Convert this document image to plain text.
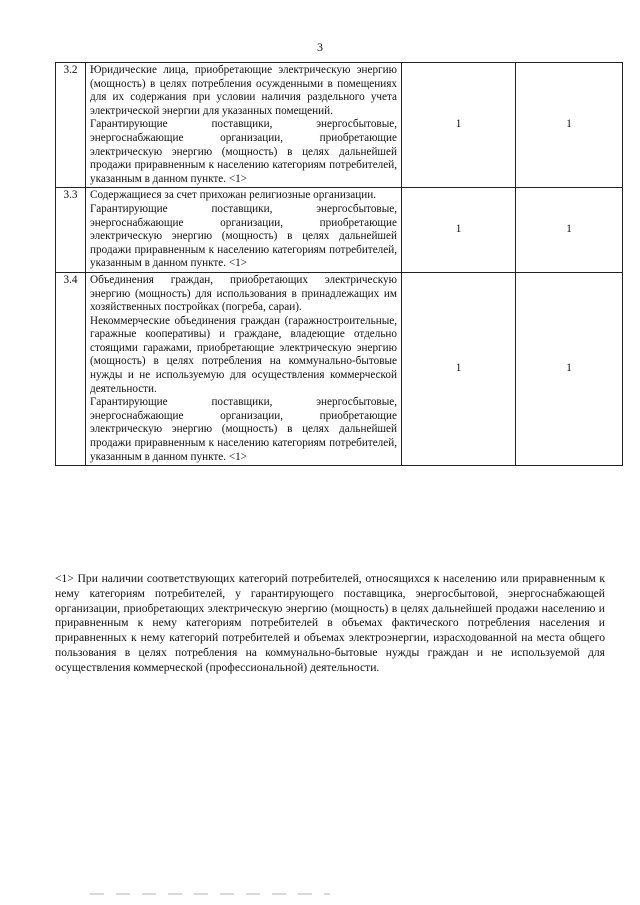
3
3.2	Юридические лица, приобретающие электрическую энергию (мощность) в целях потребления осужденными в помещениях для их содержания при условии наличия раздельного учета электрической энергии для указанных помещений.

Гарантирующие поставщики, энергосбытовые, энергоснабжающие организации, приобретающие электрическую энергию (мощность) в целях дальнейшей продажи приравненным к населению категориям потребителей, указанным в данном пункте. <1>	1	1
3.3	Содержащиеся за счет прихожан религиозные организации.

Гарантирующие поставщики, энергосбытовые, энергоснабжающие организации, приобретающие электрическую энергию (мощность) в целях дальнейшей продажи приравненным к населению категориям потребителей, указанным в данном пункте. <1>	1	1
3.4	Объединения граждан, приобретающих электрическую энергию (мощность) для использования в принадлежащих им хозяйственных постройках (погреба, сараи).

Некоммерческие объединения граждан (гаражностроительные, гаражные кооперативы) и граждане, владеющие отдельно стоящими гаражами, приобретающие электрическую энергию (мощность) в целях потребления на коммунально-бытовые нужды и не используемую для осуществления коммерческой деятельности.

Гарантирующие поставщики, энергосбытовые, энергоснабжающие организации, приобретающие электрическую энергию (мощность) в целях дальнейшей продажи приравненным к населению категориям потребителей, указанным в данном пункте. <1>	1	1
<1> При наличии соответствующих категорий потребителей, относящихся к населению или приравненным к нему категориям потребителей, у гарантирующего поставщика, энергосбытовой, энергоснабжающей организации, приобретающих электрическую энергию (мощность) в целях дальнейшей продажи населению и приравненным к нему категориям потребителей в объемах фактического потребления населения и приравненных к нему категорий потребителей и объемах электроэнергии, израсходованной на места общего пользования в целях потребления на коммунально-бытовые нужды граждан и не используемой для осуществления коммерческой (профессиональной) деятельности.
